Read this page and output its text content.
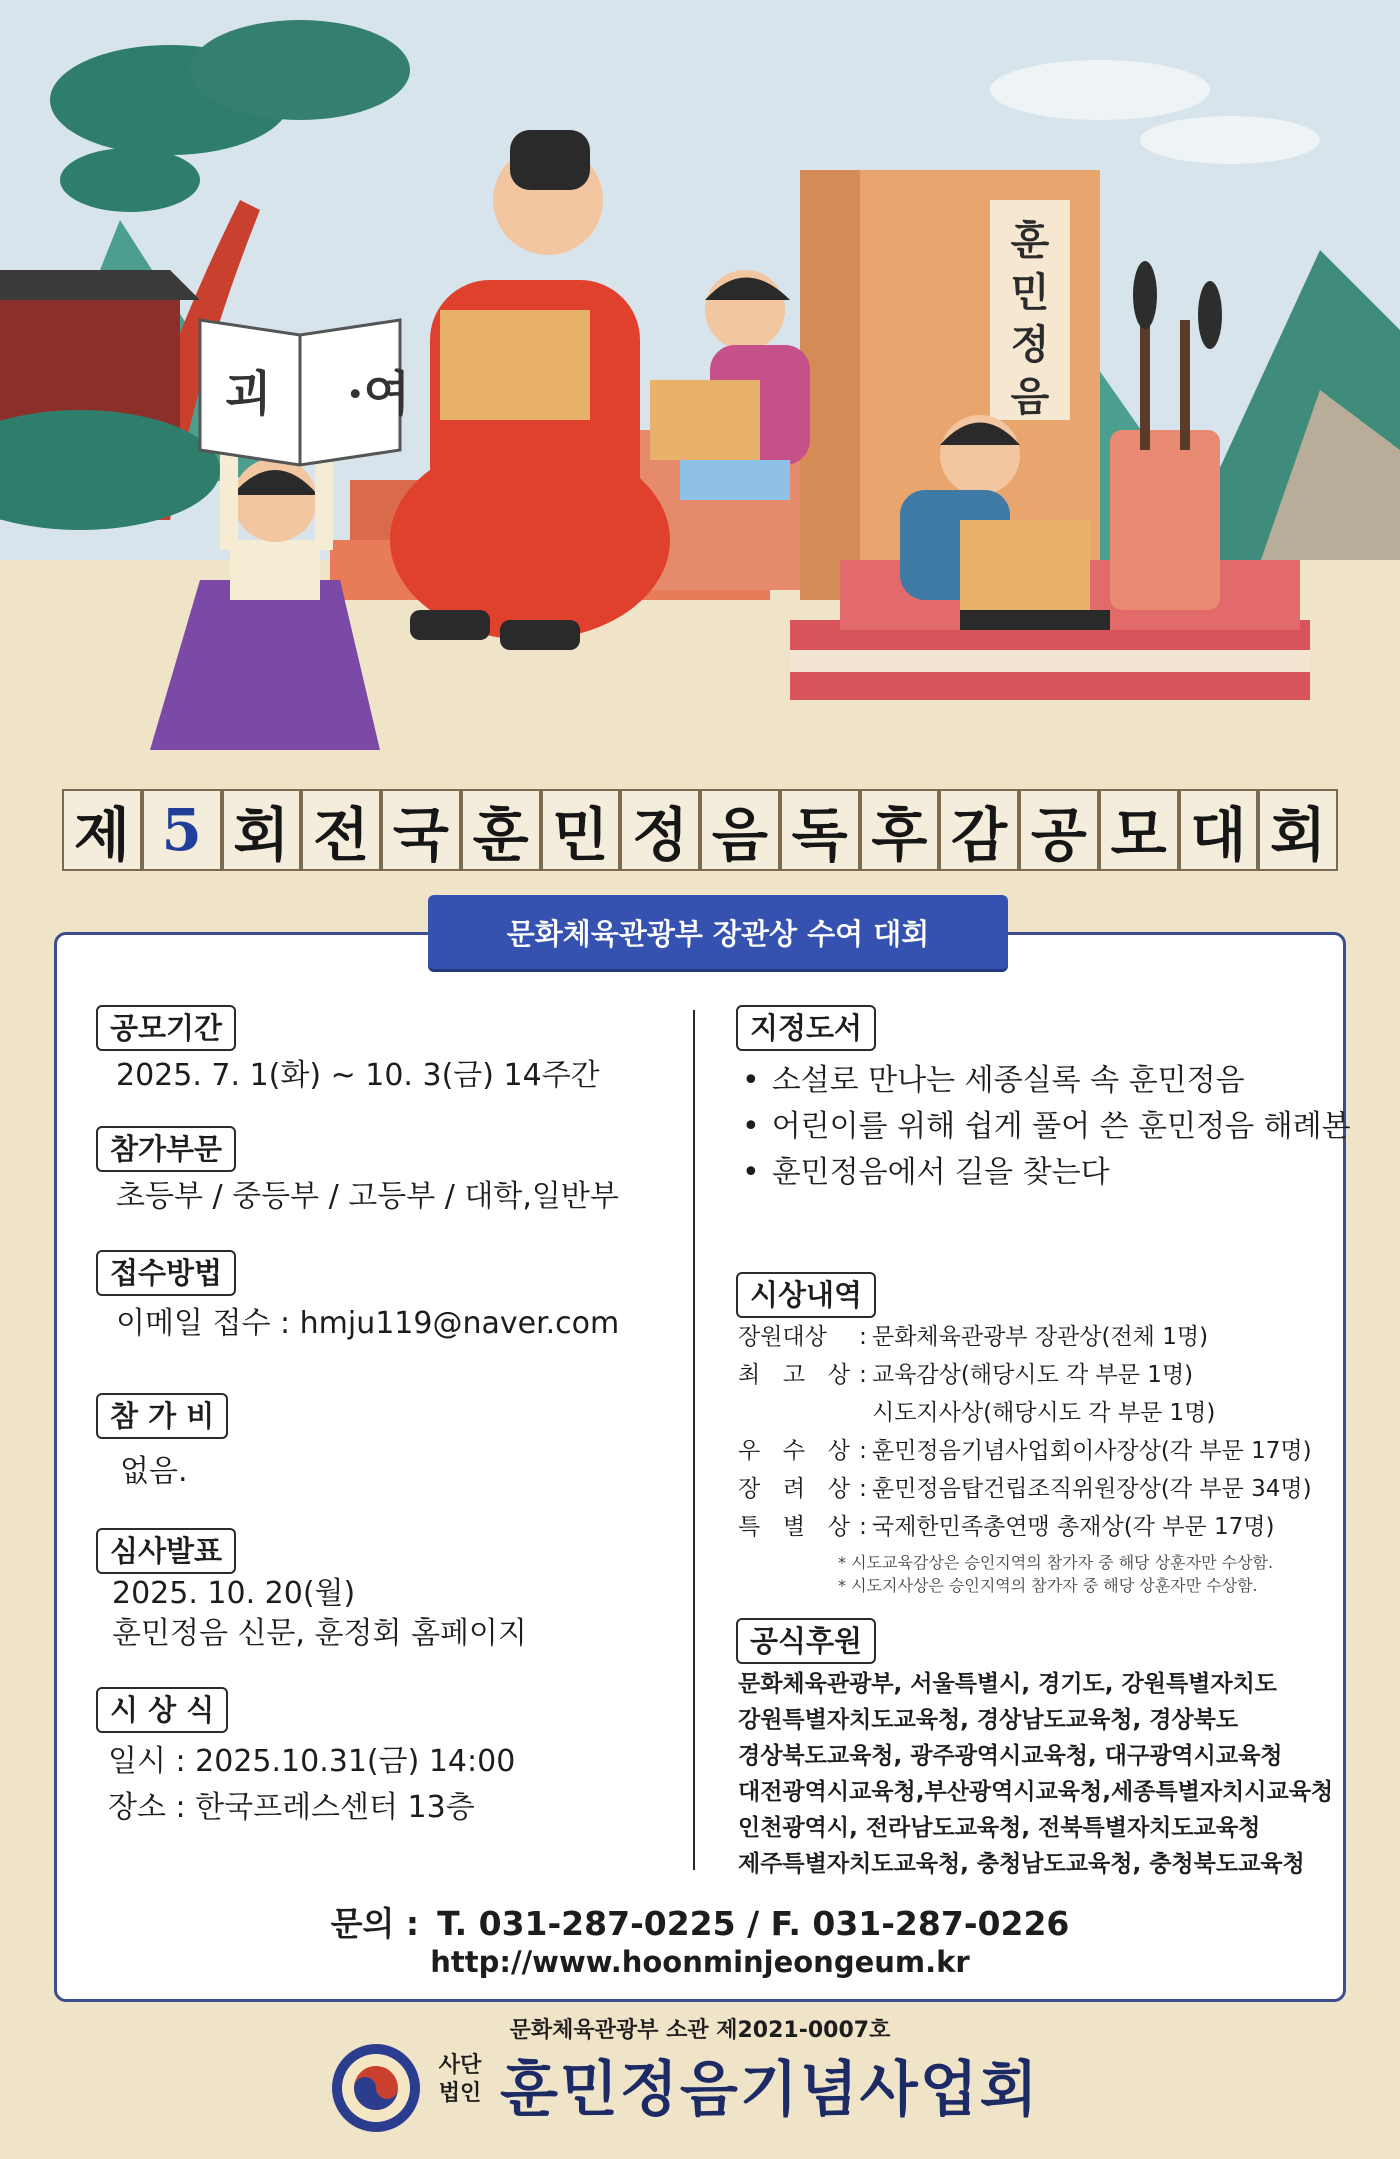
훈민정음
괴 ·여
제 5 회 전 국 훈 민 정 음 독 후 감 공 모 대 회
문화체육관광부 장관상 수여 대회
공모기간
2025. 7. 1(화) ~ 10. 3(금) 14주간
참가부문
초등부 / 중등부 / 고등부 / 대학,일반부
접수방법
이메일 접수 : hmju119@naver.com
참 가 비
없음.
심사발표
2025. 10. 20(월)
훈민정음 신문, 훈정회 홈페이지
시 상 식
일시 : 2025.10.31(금) 14:00
장소 : 한국프레스센터 13층
지정도서
• 소설로 만나는 세종실록 속 훈민정음
• 어린이를 위해 쉽게 풀어 쓴 훈민정음 해례본
• 훈민정음에서 길을 찾는다
시상내역
장원대상	:	문화체육관광부 장관상(전체 1명)
최 고 상	:	교육감상(해당시도 각 부문 1명)
		시도지사상(해당시도 각 부문 1명)
우 수 상	:	훈민정음기념사업회이사장상(각 부문 17명)
장 려 상	:	훈민정음탑건립조직위원장상(각 부문 34명)
특 별 상	:	국제한민족총연맹 총재상(각 부문 17명)
* 시도교육감상은 승인지역의 참가자 중 해당 상훈자만 수상함.
* 시도지사상은 승인지역의 참가자 중 해당 상훈자만 수상함.
공식후원
문화체육관광부, 서울특별시, 경기도, 강원특별자치도
강원특별자치도교육청, 경상남도교육청, 경상북도
경상북도교육청, 광주광역시교육청, 대구광역시교육청
대전광역시교육청,부산광역시교육청,세종특별자치시교육청
인천광역시, 전라남도교육청, 전북특별자치도교육청
제주특별자치도교육청, 충청남도교육청, 충청북도교육청
문의 : T. 031-287-0225 / F. 031-287-0226
http://www.hoonminjeongeum.kr
문화체육관광부 소관 제2021-0007호
사단법인 훈민정음기념사업회
